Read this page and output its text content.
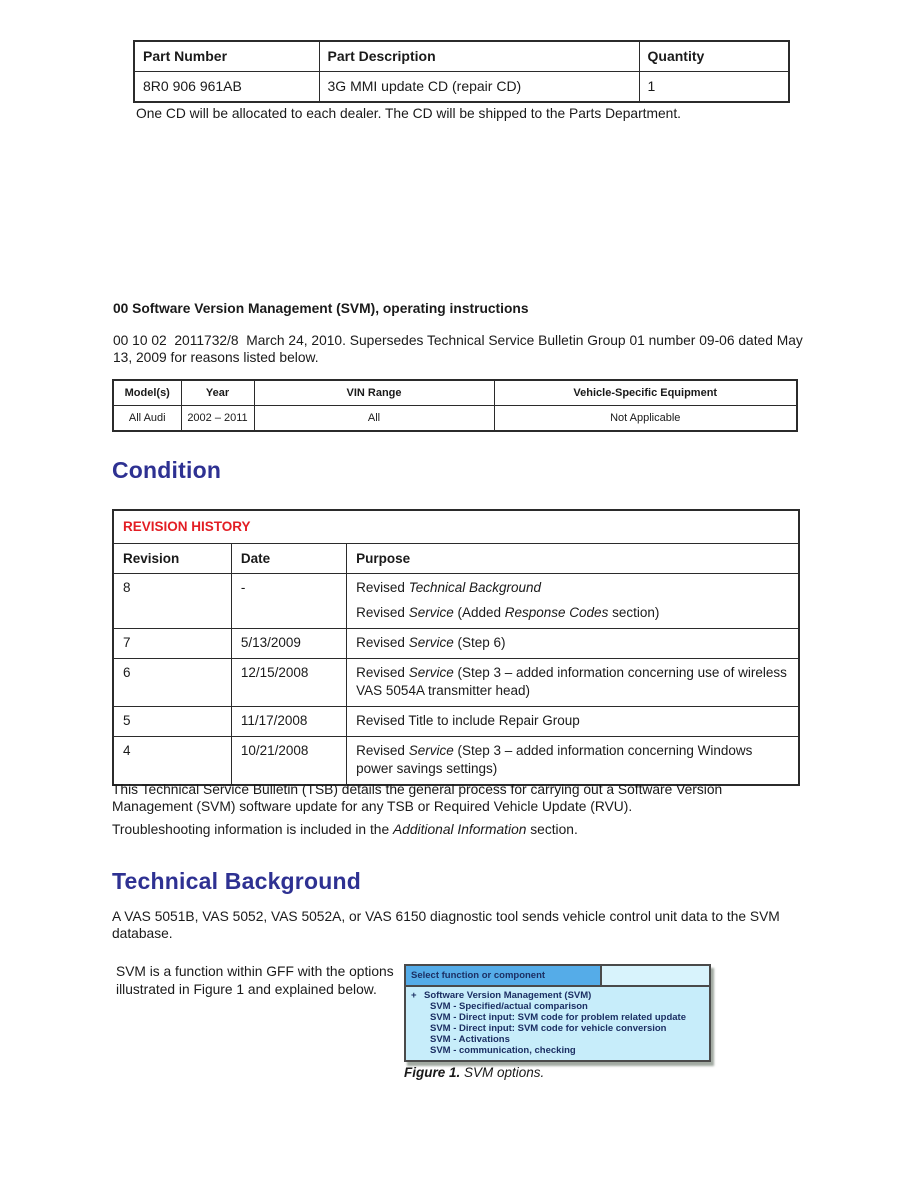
Part Number	Part Description	Quantity
8R0 906 961AB	3G MMI update CD (repair CD)	1
One CD will be allocated to each dealer. The CD will be shipped to the Parts Department.
00 Software Version Management (SVM), operating instructions
00 10 02  2011732/8  March 24, 2010. Supersedes Technical Service Bulletin Group 01 number 09-06 dated May 13, 2009 for reasons listed below.
Model(s)	Year	VIN Range	Vehicle-Specific Equipment
All Audi	2002 – 2011	All	Not Applicable
Condition
REVISION HISTORY		
Revision	Date	Purpose
8	-	Revised Technical Background
Revised Service (Added Response Codes section)

7	5/13/2009	Revised Service (Step 6)

6	12/15/2008	Revised Service (Step 3 – added information concerning use of wireless VAS 5054A transmitter head)

5	11/17/2008	Revised Title to include Repair Group

4	10/21/2008	Revised Service (Step 3 – added information concerning Windows power savings settings)
This Technical Service Bulletin (TSB) details the general process for carrying out a Software Version Management (SVM) software update for any TSB or Required Vehicle Update (RVU).
Troubleshooting information is included in the Additional Information section.
Technical Background
A VAS 5051B, VAS 5052, VAS 5052A, or VAS 6150 diagnostic tool sends vehicle control unit data to the SVM database.
SVM is a function within GFF with the options illustrated in Figure 1 and explained below.
Select function or component
+ Software Version Management (SVM)
SVM - Specified/actual comparison
SVM - Direct input: SVM code for problem related update
SVM - Direct input: SVM code for vehicle conversion
SVM - Activations
SVM - communication, checking
Figure 1. SVM options.
